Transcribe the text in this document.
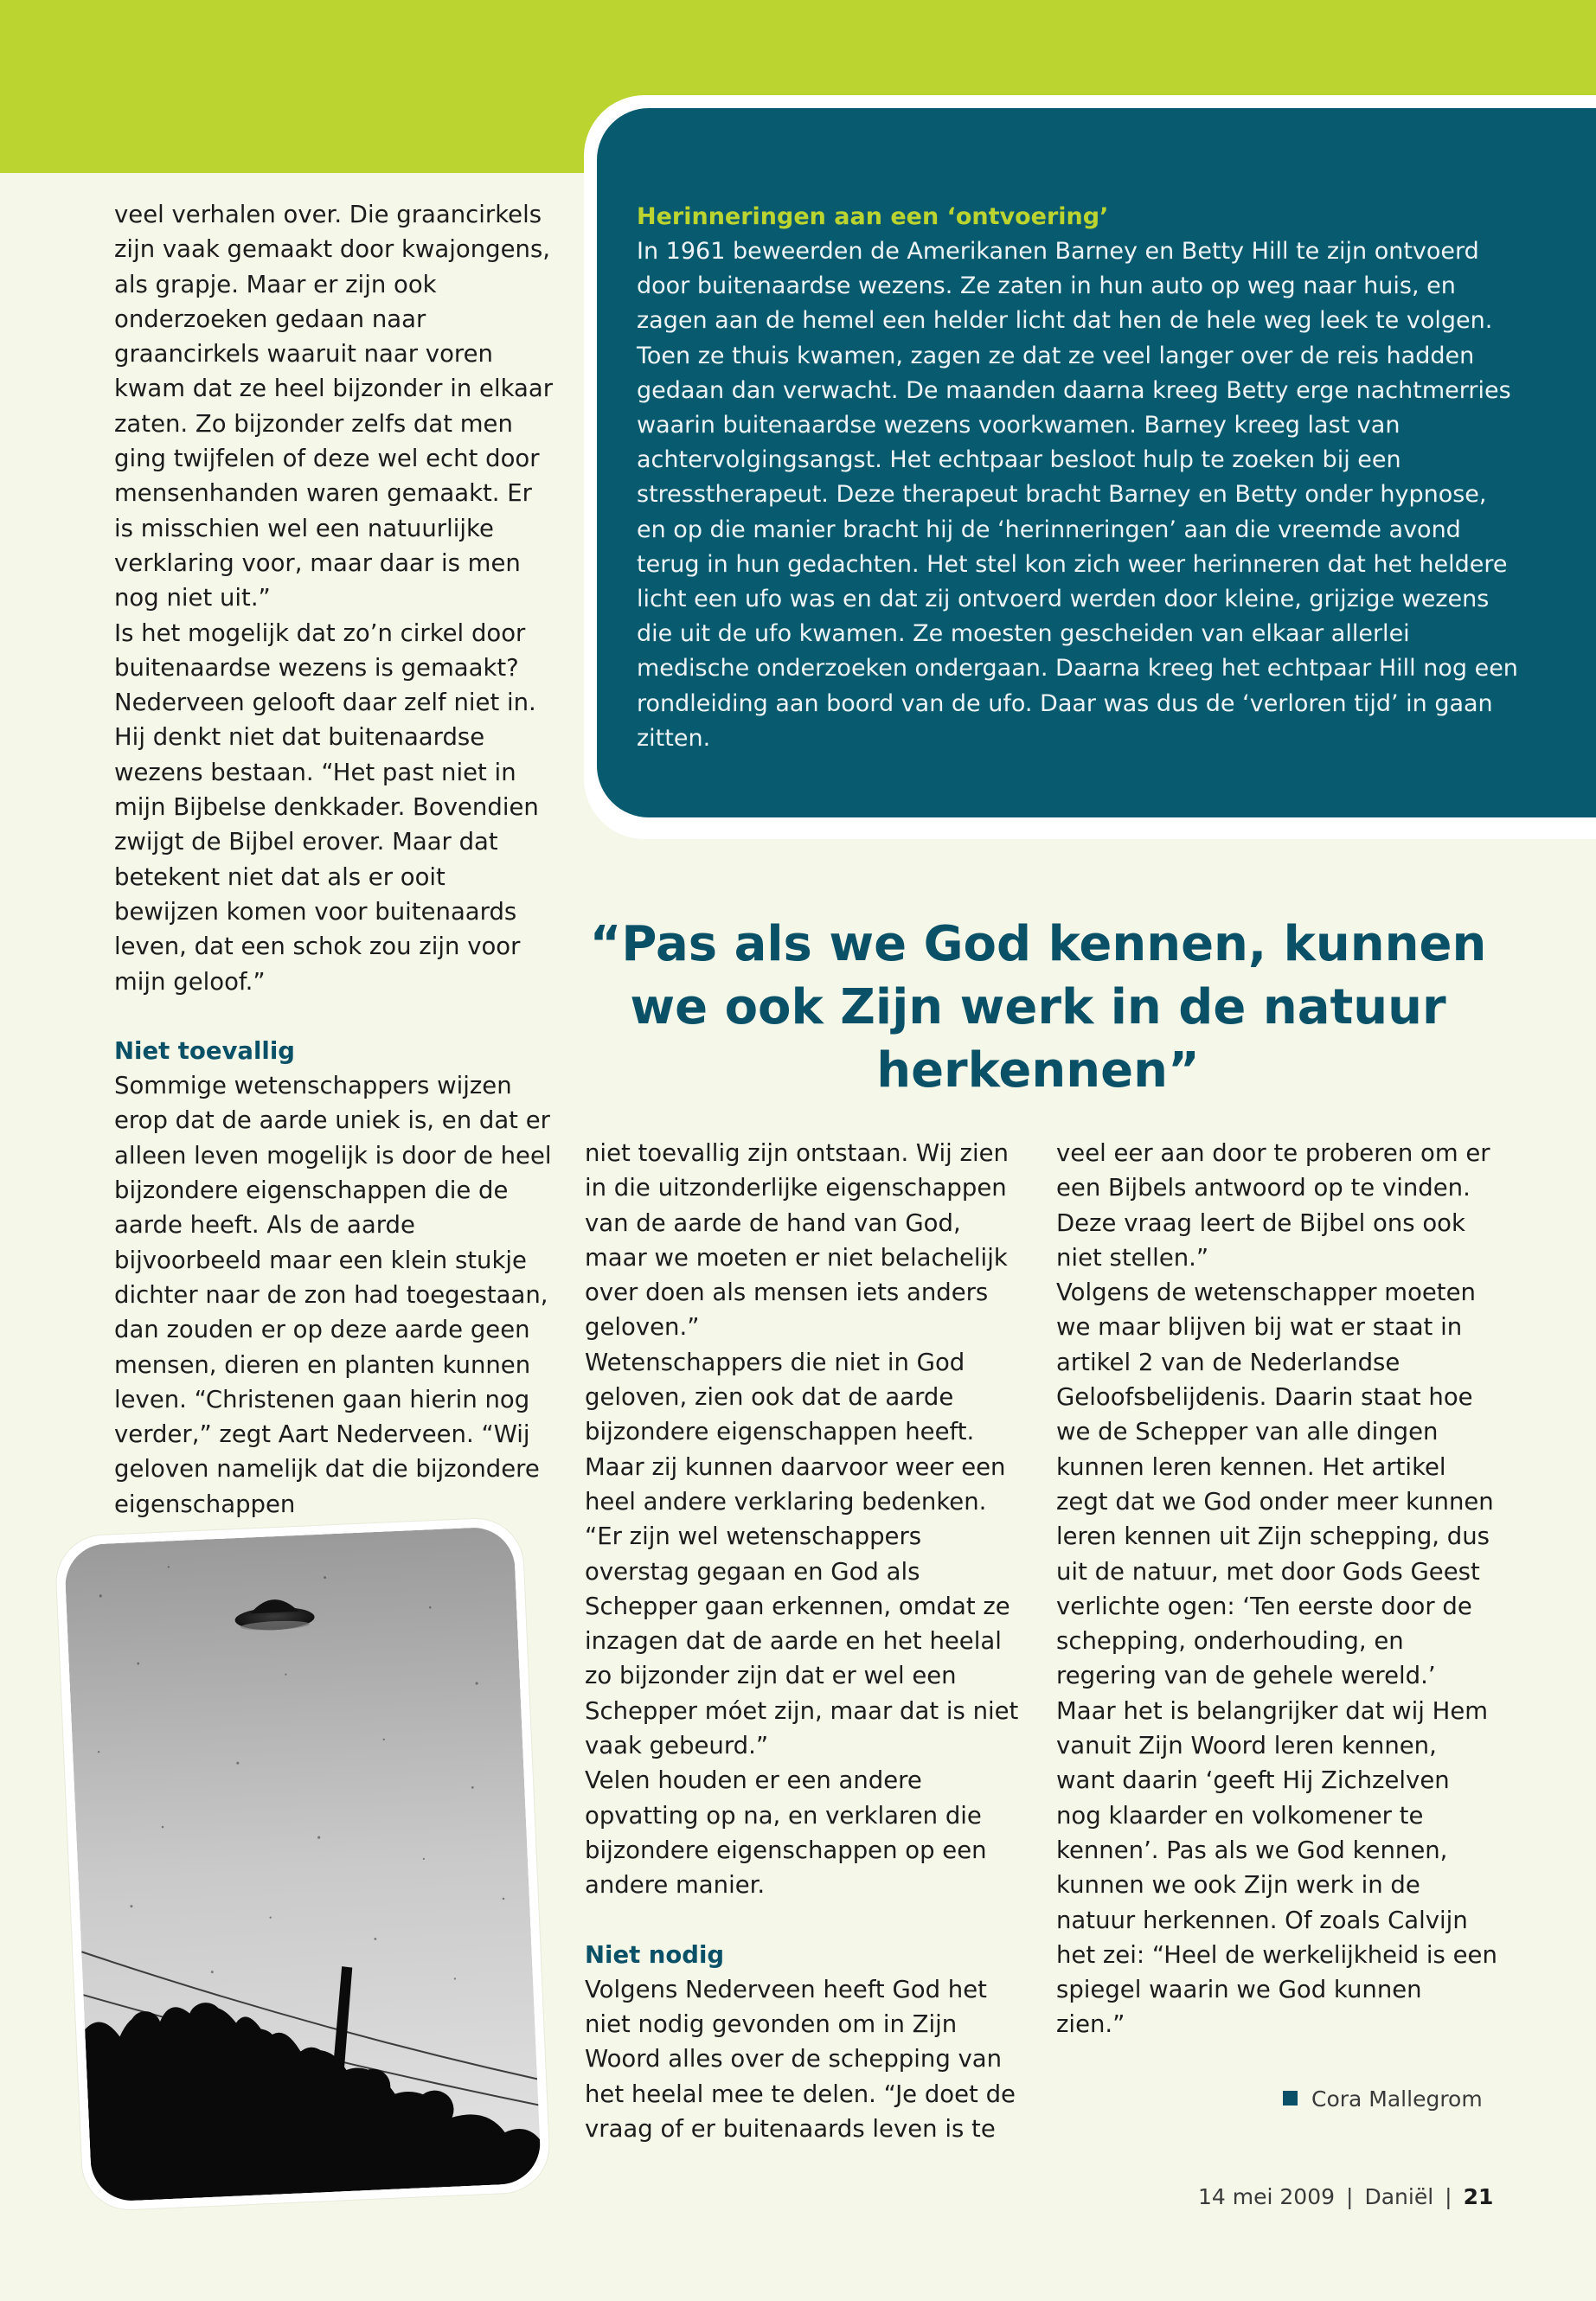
Herinneringen aan een ‘ontvoering’

In 1961 beweerden de Amerikanen Barney en Betty Hill te zijn ontvoerd door buitenaardse wezens. Ze zaten in hun auto op weg naar huis, en zagen aan de hemel een helder licht dat hen de hele weg leek te volgen. Toen ze thuis kwamen, zagen ze dat ze veel langer over de reis hadden gedaan dan verwacht. De maanden daarna kreeg Betty erge nachtmerries waarin buitenaardse wezens voorkwamen. Barney kreeg last van achtervolgingsangst. Het echtpaar besloot hulp te zoeken bij een stresstherapeut. Deze therapeut bracht Barney en Betty onder hypnose, en op die manier bracht hij de ‘herinneringen’ aan die vreemde avond terug in hun gedachten. Het stel kon zich weer herinneren dat het heldere licht een ufo was en dat zij ontvoerd werden door kleine, grijzige wezens die uit de ufo kwamen. Ze moesten gescheiden van elkaar allerlei medische onderzoeken ondergaan. Daarna kreeg het echtpaar Hill nog een rondleiding aan boord van de ufo. Daar was dus de ‘verloren tijd’ in gaan zitten.

veel verhalen over. Die graancirkels zijn vaak gemaakt door kwajongens, als grapje. Maar er zijn ook onderzoeken gedaan naar graancirkels waaruit naar voren kwam dat ze heel bijzonder in elkaar zaten. Zo bijzonder zelfs dat men ging twijfelen of deze wel echt door mensenhanden waren gemaakt. Er is misschien wel een natuurlijke verklaring voor, maar daar is men nog niet uit.”

Is het mogelijk dat zo’n cirkel door buitenaardse wezens is gemaakt? Nederveen gelooft daar zelf niet in. Hij denkt niet dat buitenaardse wezens bestaan. “Het past niet in mijn Bijbelse denkkader. Bovendien zwijgt de Bijbel erover. Maar dat betekent niet dat als er ooit bewijzen komen voor buitenaards leven, dat een schok zou zijn voor mijn geloof.”

Niet toevallig

Sommige wetenschappers wijzen erop dat de aarde uniek is, en dat er alleen leven mogelijk is door de heel bijzondere eigenschappen die de aarde heeft. Als de aarde bijvoorbeeld maar een klein stukje dichter naar de zon had toegestaan, dan zouden er op deze aarde geen mensen, dieren en planten kunnen leven. “Christenen gaan hierin nog verder,” zegt Aart Nederveen. “Wij geloven namelijk dat die bijzondere eigenschappen

“Pas als we God kennen, kunnen we ook Zijn werk in de natuur herkennen”

niet toevallig zijn ontstaan. Wij zien in die uitzonderlijke eigenschappen van de aarde de hand van God, maar we moeten er niet belachelijk over doen als mensen iets anders geloven.”

Wetenschappers die niet in God geloven, zien ook dat de aarde bijzondere eigenschappen heeft. Maar zij kunnen daarvoor weer een heel andere verklaring bedenken. “Er zijn wel wetenschappers overstag gegaan en God als Schepper gaan erkennen, omdat ze inzagen dat de aarde en het heelal zo bijzonder zijn dat er wel een Schepper móet zijn, maar dat is niet vaak gebeurd.”

Velen houden er een andere opvatting op na, en verklaren die bijzondere eigenschappen op een andere manier.

Niet nodig

Volgens Nederveen heeft God het niet nodig gevonden om in Zijn Woord alles over de schepping van het heelal mee te delen. “Je doet de vraag of er buitenaards leven is te

veel eer aan door te proberen om er een Bijbels antwoord op te vinden. Deze vraag leert de Bijbel ons ook niet stellen.”

Volgens de wetenschapper moeten we maar blijven bij wat er staat in artikel 2 van de Nederlandse Geloofsbelijdenis. Daarin staat hoe we de Schepper van alle dingen kunnen leren kennen. Het artikel zegt dat we God onder meer kunnen leren kennen uit Zijn schepping, dus uit de natuur, met door Gods Geest verlichte ogen: ‘Ten eerste door de schepping, onderhouding, en regering van de gehele wereld.’ Maar het is belangrijker dat wij Hem vanuit Zijn Woord leren kennen, want daarin ‘geeft Hij Zichzelven nog klaarder en volkomener te kennen’. Pas als we God kennen, kunnen we ook Zijn werk in de natuur herkennen. Of zoals Calvijn het zei: “Heel de werkelijkheid is een spiegel waarin we God kunnen zien.”

Cora Mallegrom
14 mei 2009 | Daniël | 21
